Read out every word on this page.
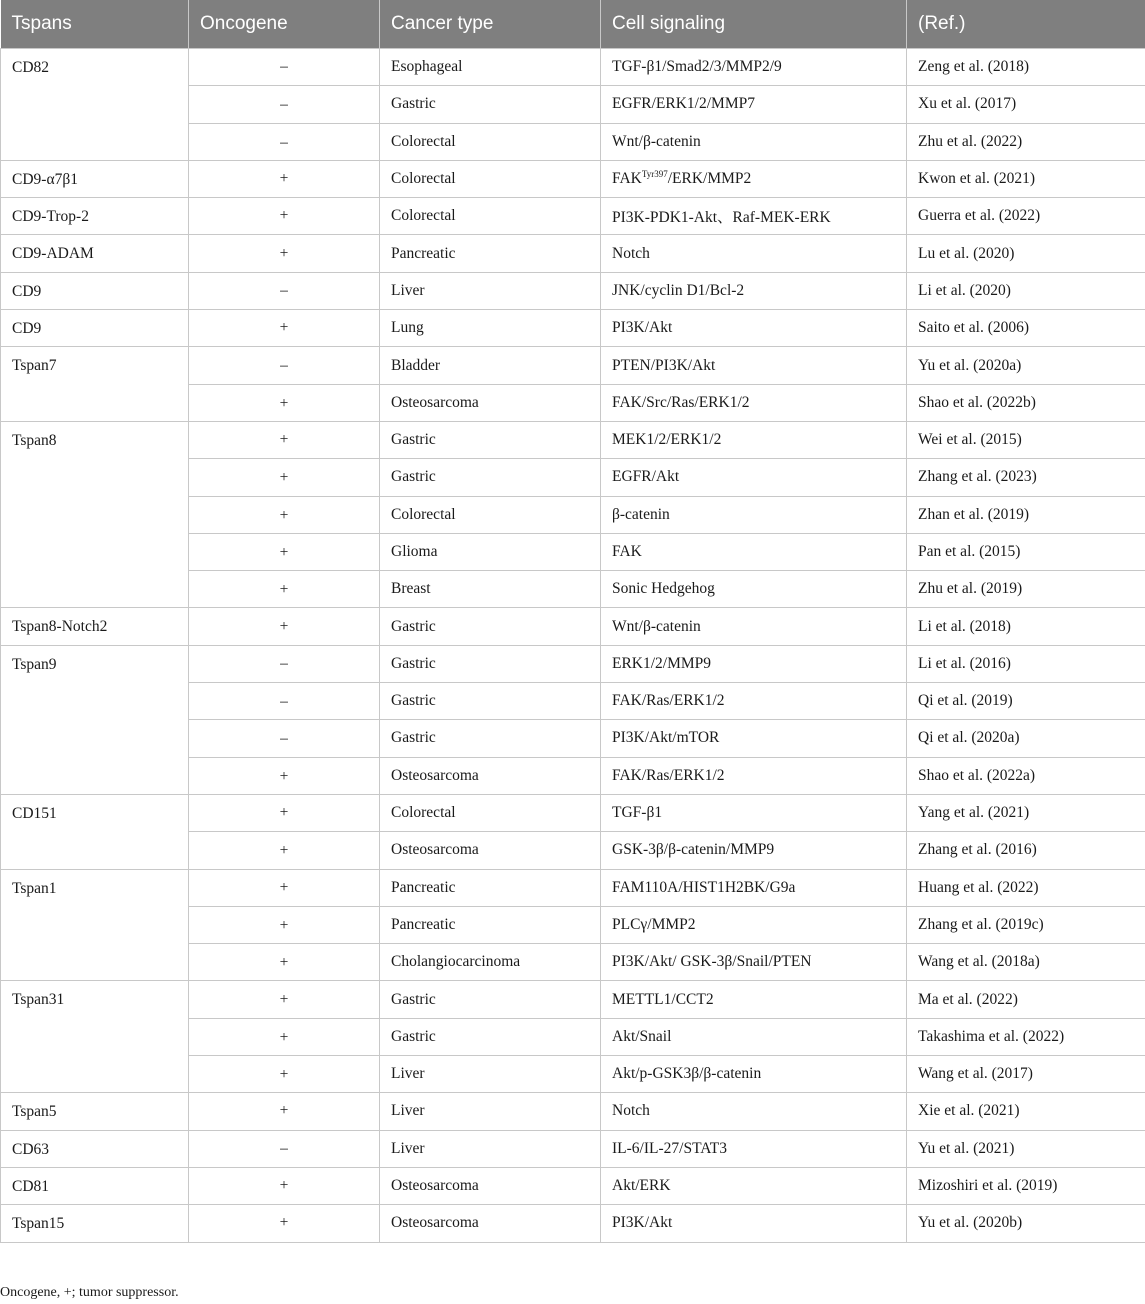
Tspans	Oncogene	Cancer type	Cell signaling	(Ref.)
CD82	–	Esophageal	TGF-β1/Smad2/3/MMP2/9	Zeng et al. (2018)
	–	Gastric	EGFR/ERK1/2/MMP7	Xu et al. (2017)
	–	Colorectal	Wnt/β-catenin	Zhu et al. (2022)
CD9-α7β1	+	Colorectal	$FAK^{Tyr397}/ERK/MMP2$	Kwon et al. (2021)
CD9-Trop-2	+	Colorectal	PI3K-PDK1-Akt、Raf-MEK-ERK	Guerra et al. (2022)
CD9-ADAM	+	Pancreatic	Notch	Lu et al. (2020)
CD9	–	Liver	JNK/cyclin D1/Bcl-2	Li et al. (2020)
CD9	+	Lung	PI3K/Akt	Saito et al. (2006)
Tspan7	–	Bladder	PTEN/PI3K/Akt	Yu et al. (2020a)
	+	Osteosarcoma	FAK/Src/Ras/ERK1/2	Shao et al. (2022b)
Tspan8	+	Gastric	MEK1/2/ERK1/2	Wei et al. (2015)
	+	Gastric	EGFR/Akt	Zhang et al. (2023)
	+	Colorectal	β-catenin	Zhan et al. (2019)
	+	Glioma	FAK	Pan et al. (2015)
	+	Breast	Sonic Hedgehog	Zhu et al. (2019)
Tspan8-Notch2	+	Gastric	Wnt/β-catenin	Li et al. (2018)
Tspan9	–	Gastric	ERK1/2/MMP9	Li et al. (2016)
	–	Gastric	FAK/Ras/ERK1/2	Qi et al. (2019)
	–	Gastric	PI3K/Akt/mTOR	Qi et al. (2020a)
	+	Osteosarcoma	FAK/Ras/ERK1/2	Shao et al. (2022a)
CD151	+	Colorectal	TGF-β1	Yang et al. (2021)
	+	Osteosarcoma	GSK-3β/β-catenin/MMP9	Zhang et al. (2016)
Tspan1	+	Pancreatic	FAM110A/HIST1H2BK/G9a	Huang et al. (2022)
	+	Pancreatic	PLCγ/MMP2	Zhang et al. (2019c)
	+	Cholangiocarcinoma	PI3K/Akt/ GSK-3β/Snail/PTEN	Wang et al. (2018a)
Tspan31	+	Gastric	METTL1/CCT2	Ma et al. (2022)
	+	Gastric	Akt/Snail	Takashima et al. (2022)
	+	Liver	Akt/p-GSK3β/β-catenin	Wang et al. (2017)
Tspan5	+	Liver	Notch	Xie et al. (2021)
CD63	–	Liver	IL-6/IL-27/STAT3	Yu et al. (2021)
CD81	+	Osteosarcoma	Akt/ERK	Mizoshiri et al. (2019)
Tspan15	+	Osteosarcoma	PI3K/Akt	Yu et al. (2020b)
Oncogene, +; tumor suppressor.
